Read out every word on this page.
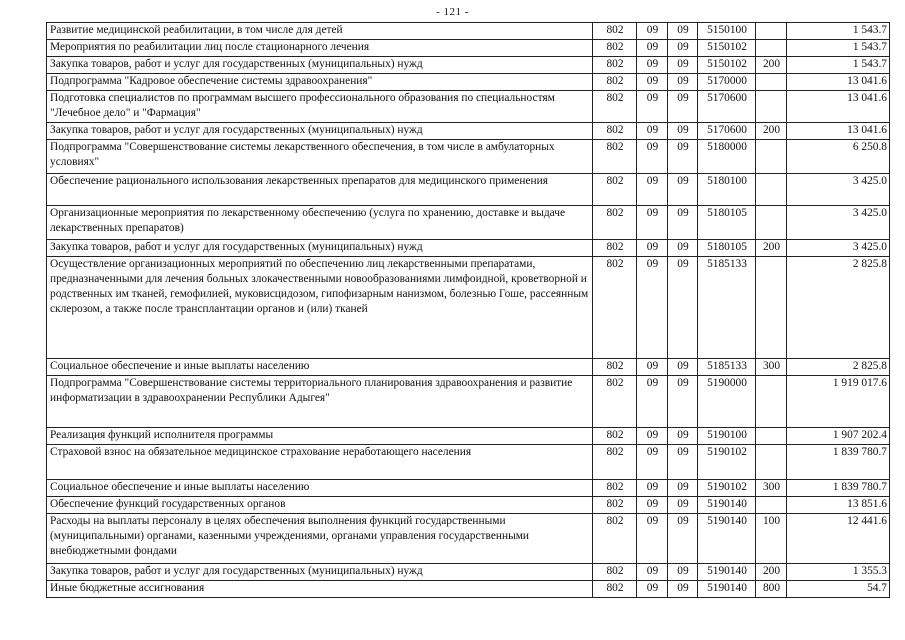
- 121 -
Развитие медицинской реабилитации, в том числе для детей	802	09	09	5150100		1 543.7
Мероприятия по реабилитации лиц после стационарного лечения	802	09	09	5150102		1 543.7
Закупка товаров, работ и услуг для государственных (муниципальных) нужд	802	09	09	5150102	200	1 543.7
Подпрограмма "Кадровое обеспечение системы здравоохранения"	802	09	09	5170000		13 041.6
Подготовка специалистов по программам высшего профессионального образования по специальностям "Лечебное дело" и "Фармация"	802	09	09	5170600		13 041.6
Закупка товаров, работ и услуг для государственных (муниципальных) нужд	802	09	09	5170600	200	13 041.6
Подпрограмма "Совершенствование системы лекарственного обеспечения, в том числе в амбулаторных условиях"	802	09	09	5180000		6 250.8
Обеспечение рационального использования лекарственных препаратов для медицинского применения	802	09	09	5180100		3 425.0
Организационные мероприятия по лекарственному обеспечению (услуга по хранению, доставке и выдаче лекарственных препаратов)	802	09	09	5180105		3 425.0
Закупка товаров, работ и услуг для государственных (муниципальных) нужд	802	09	09	5180105	200	3 425.0
Осуществление организационных мероприятий по обеспечению лиц лекарственными препаратами, предназначенными для лечения больных злокачественными новообразованиями лимфоидной, кроветворной и родственных им тканей, гемофилией, муковисцидозом, гипофизарным нанизмом, болезнью Гоше, рассеянным склерозом, а также после трансплантации органов и (или) тканей	802	09	09	5185133		2 825.8
Социальное обеспечение и иные выплаты населению	802	09	09	5185133	300	2 825.8
Подпрограмма "Совершенствование системы территориального планирования здравоохранения и развитие информатизации в здравоохранении Республики Адыгея"	802	09	09	5190000		1 919 017.6
Реализация функций исполнителя программы	802	09	09	5190100		1 907 202.4
Страховой взнос на обязательное медицинское страхование неработающего населения	802	09	09	5190102		1 839 780.7
Социальное обеспечение и иные выплаты населению	802	09	09	5190102	300	1 839 780.7
Обеспечение функций государственных органов	802	09	09	5190140		13 851.6
Расходы на выплаты персоналу в целях обеспечения выполнения функций государственными (муниципальными) органами, казенными учреждениями, органами управления государственными внебюджетными фондами	802	09	09	5190140	100	12 441.6
Закупка товаров, работ и услуг для государственных (муниципальных) нужд	802	09	09	5190140	200	1 355.3
Иные бюджетные ассигнования	802	09	09	5190140	800	54.7
